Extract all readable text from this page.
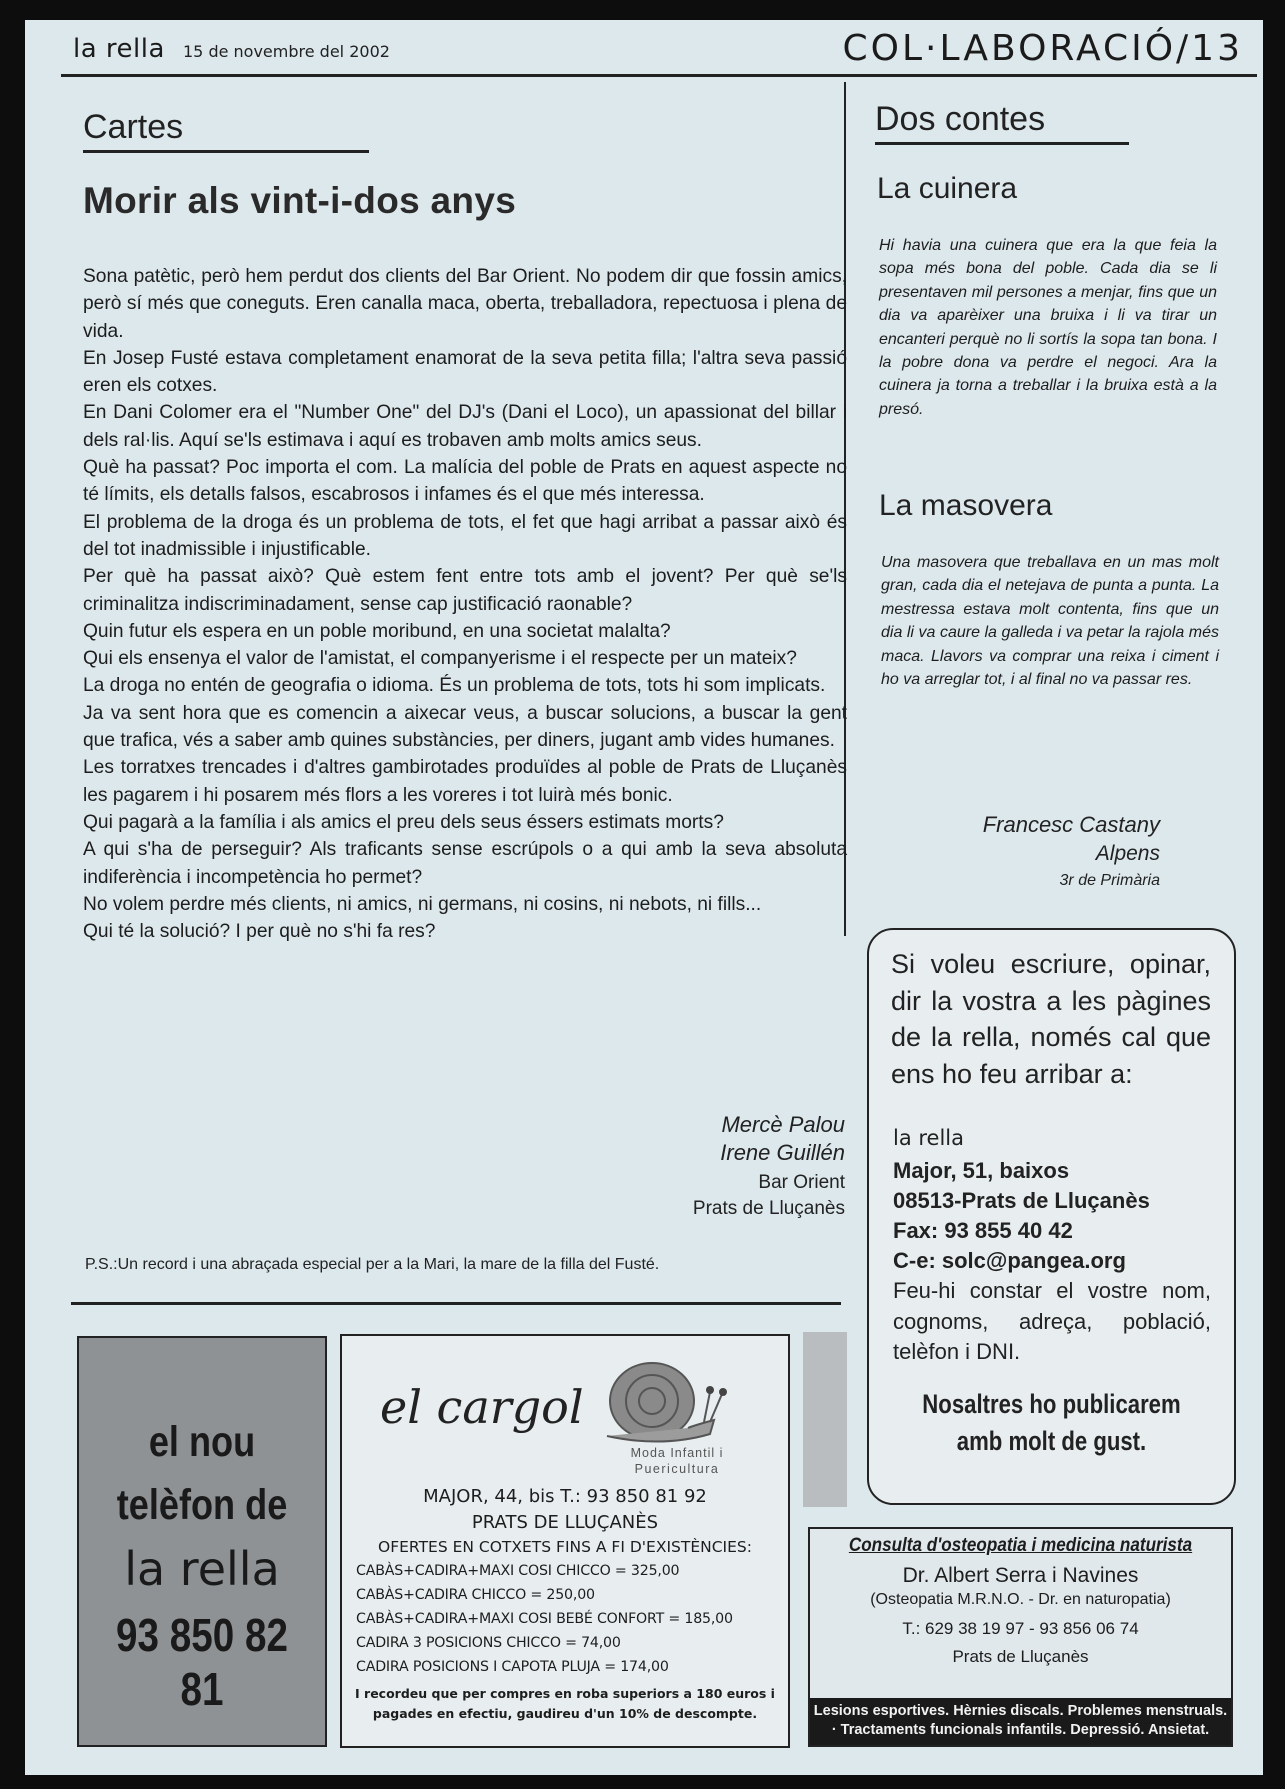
la rella 15 de novembre del 2002	COL·LABORACIÓ/13
Cartes
Morir als vint-i-dos anys

Sona patètic, però hem perdut dos clients del Bar Orient. No podem dir que fossin amics, però sí més que coneguts. Eren canalla maca, oberta, treballadora, repectuosa i plena de vida.

En Josep Fusté estava completament enamorat de la seva petita filla; l'altra seva passió eren els cotxes.

En Dani Colomer era el "Number One" del DJ's (Dani el Loco), un apassionat del billar i dels ral·lis. Aquí se'ls estimava i aquí es trobaven amb molts amics seus.

Què ha passat? Poc importa el com. La malícia del poble de Prats en aquest aspecte no té límits, els detalls falsos, escabrosos i infames és el que més interessa.

El problema de la droga és un problema de tots, el fet que hagi arribat a passar això és del tot inadmissible i injustificable.

Per què ha passat això? Què estem fent entre tots amb el jovent? Per què se'ls criminalitza indiscriminadament, sense cap justificació raonable?

Quin futur els espera en un poble moribund, en una societat malalta?

Qui els ensenya el valor de l'amistat, el companyerisme i el respecte per un mateix?

La droga no entén de geografia o idioma. És un problema de tots, tots hi som implicats.

Ja va sent hora que es comencin a aixecar veus, a buscar solucions, a buscar la gent que trafica, vés a saber amb quines substàncies, per diners, jugant amb vides humanes.

Les torratxes trencades i d'altres gambirotades produïdes al poble de Prats de Lluçanès les pagarem i hi posarem més flors a les voreres i tot luirà més bonic.

Qui pagarà a la família i als amics el preu dels seus éssers estimats morts?

A qui s'ha de perseguir? Als traficants sense escrúpols o a qui amb la seva absoluta indiferència i incompetència ho permet?

No volem perdre més clients, ni amics, ni germans, ni cosins, ni nebots, ni fills...

Qui té la solució? I per què no s'hi fa res?

Mercè Palou
Irene Guillén
Bar Orient
Prats de Lluçanès
P.S.:Un record i una abraçada especial per a la Mari, la mare de la filla del Fusté.
Dos contes
La cuinera
Hi havia una cuinera que era la que feia la sopa més bona del poble. Cada dia se li presentaven mil persones a menjar, fins que un dia va aparèixer una bruixa i li va tirar un encanteri perquè no li sortís la sopa tan bona. I la pobre dona va perdre el negoci. Ara la cuinera ja torna a treballar i la bruixa està a la presó.
La masovera
Una masovera que treballava en un mas molt gran, cada dia el netejava de punta a punta. La mestressa estava molt contenta, fins que un dia li va caure la galleda i va petar la rajola més maca. Llavors va comprar una reixa i ciment i ho va arreglar tot, i al final no va passar res.
Francesc Castany
Alpens
3r de Primària
Si voleu escriure, opinar, dir la vostra a les pàgines de la rella, només cal que ens ho feu arribar a:
la rella
Major, 51, baixos
08513-Prats de Lluçanès
Fax: 93 855 40 42
C-e: solc@pangea.org
Feu-hi constar el vostre nom, cognoms, adreça, població, telèfon i DNI.
Nosaltres ho publicarem
amb molt de gust.
el nou
telèfon de
la rella
93 850 82 81
el cargol
Moda Infantil i
Puericultura
MAJOR, 44, bis T.: 93 850 81 92
PRATS DE LLUÇANÈS
OFERTES EN COTXETS FINS A FI D'EXISTÈNCIES:
CABÀS+CADIRA+MAXI COSI CHICCO = 325,00
CABÀS+CADIRA CHICCO = 250,00
CABÀS+CADIRA+MAXI COSI BEBÉ CONFORT = 185,00
CADIRA 3 POSICIONS CHICCO = 74,00
CADIRA POSICIONS I CAPOTA PLUJA = 174,00
I recordeu que per compres en roba superiors a 180 euros i
pagades en efectiu, gaudireu d'un 10% de descompte.
Consulta d'osteopatia i medicina naturista
Dr. Albert Serra i Navines
(Osteopatia M.R.N.O. - Dr. en naturopatia)
T.: 629 38 19 97 - 93 856 06 74
Prats de Lluçanès
Lesions esportives. Hèrnies discals. Problemes menstruals.
· Tractaments funcionals infantils. Depressió. Ansietat.
